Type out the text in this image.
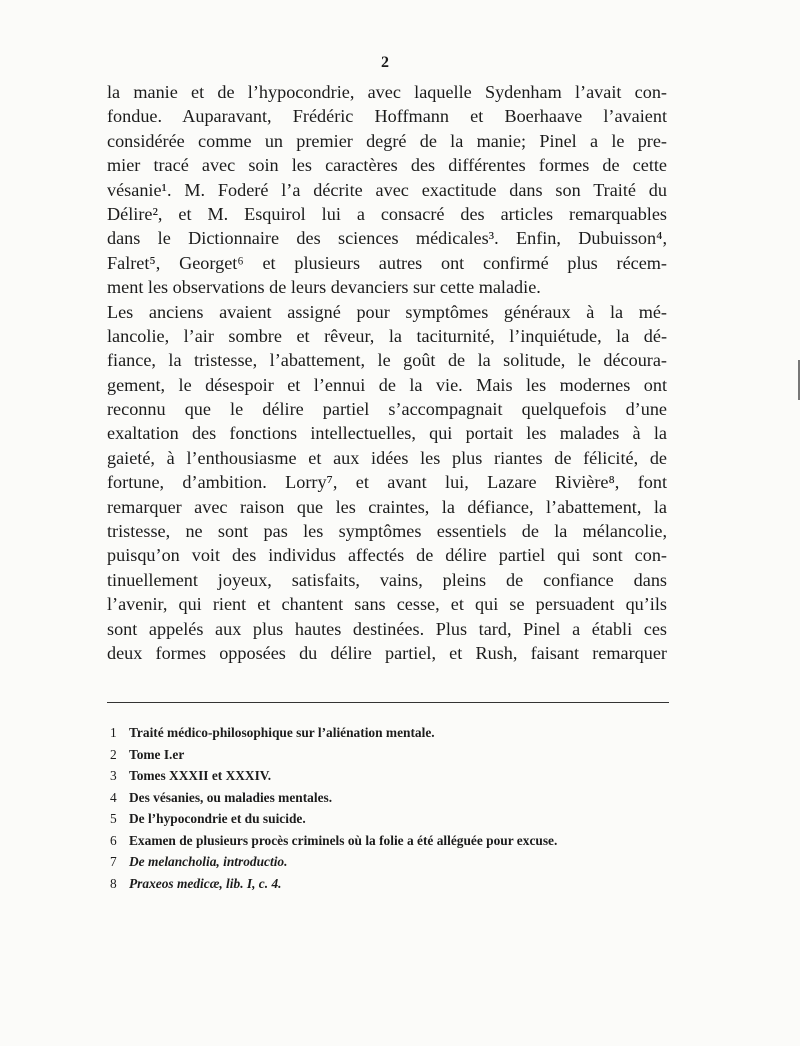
2
la manie et de l’hypocondrie, avec laquelle Sydenham l’avait con-
fondue. Auparavant, Frédéric Hoffmann et Boerhaave l’avaient
considérée comme un premier degré de la manie; Pinel a le pre-
mier tracé avec soin les caractères des différentes formes de cette
vésanie¹. M. Foderé l’a décrite avec exactitude dans son Traité du
Délire², et M. Esquirol lui a consacré des articles remarquables
dans le Dictionnaire des sciences médicales³. Enfin, Dubuisson⁴,
Falret⁵, Georget⁶ et plusieurs autres ont confirmé plus récem-
ment les observations de leurs devanciers sur cette maladie.
Les anciens avaient assigné pour symptômes généraux à la mé-
lancolie, l’air sombre et rêveur, la taciturnité, l’inquiétude, la dé-
fiance, la tristesse, l’abattement, le goût de la solitude, le découra-
gement, le désespoir et l’ennui de la vie. Mais les modernes ont
reconnu que le délire partiel s’accompagnait quelquefois d’une
exaltation des fonctions intellectuelles, qui portait les malades à la
gaieté, à l’enthousiasme et aux idées les plus riantes de félicité, de
fortune, d’ambition. Lorry⁷, et avant lui, Lazare Rivière⁸, font
remarquer avec raison que les craintes, la défiance, l’abattement, la
tristesse, ne sont pas les symptômes essentiels de la mélancolie,
puisqu’on voit des individus affectés de délire partiel qui sont con-
tinuellement joyeux, satisfaits, vains, pleins de confiance dans
l’avenir, qui rient et chantent sans cesse, et qui se persuadent qu’ils
sont appelés aux plus hautes destinées. Plus tard, Pinel a établi ces
deux formes opposées du délire partiel, et Rush, faisant remarquer
1 Traité médico-philosophique sur l’aliénation mentale.
2 Tome I.er
3 Tomes XXXII et XXXIV.
4 Des vésanies, ou maladies mentales.
5 De l’hypocondrie et du suicide.
6 Examen de plusieurs procès criminels où la folie a été alléguée pour excuse.
7 De melancholia, introductio.
8 Praxeos medicæ, lib. I, c. 4.
